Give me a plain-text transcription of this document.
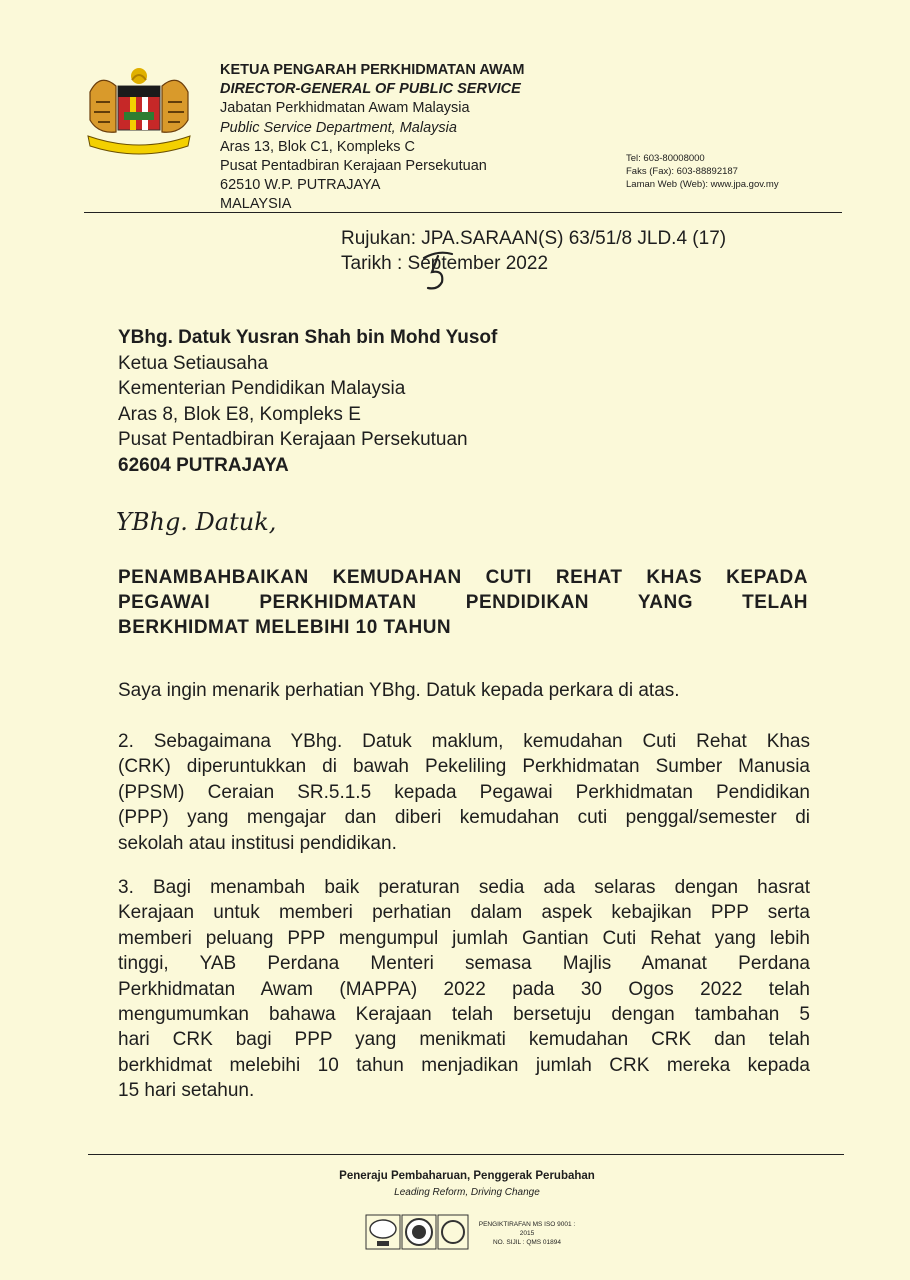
KETUA PENGARAH PERKHIDMATAN AWAM
DIRECTOR-GENERAL OF PUBLIC SERVICE
Jabatan Perkhidmatan Awam Malaysia
Public Service Department, Malaysia
Aras 13, Blok C1, Kompleks C
Pusat Pentadbiran Kerajaan Persekutuan
62510 W.P. PUTRAJAYA
MALAYSIA
Tel: 603-80008000
Faks (Fax): 603-88892187
Laman Web (Web): www.jpa.gov.my
Rujukan: JPA.SARAAN(S) 63/51/8 JLD.4 (17)
Tarikh : September 2022
YBhg. Datuk Yusran Shah bin Mohd Yusof
Ketua Setiausaha
Kementerian Pendidikan Malaysia
Aras 8, Blok E8, Kompleks E
Pusat Pentadbiran Kerajaan Persekutuan
62604 PUTRAJAYA
YBhg. Datuk,
PENAMBAHBAIKAN KEMUDAHAN CUTI REHAT KHAS KEPADA
PEGAWAI PERKHIDMATAN PENDIDIKAN YANG TELAH
BERKHIDMAT MELEBIHI 10 TAHUN
Saya ingin menarik perhatian YBhg. Datuk kepada perkara di atas.
2. Sebagaimana YBhg. Datuk maklum, kemudahan Cuti Rehat Khas
(CRK) diperuntukkan di bawah Pekeliling Perkhidmatan Sumber Manusia
(PPSM) Ceraian SR.5.1.5 kepada Pegawai Perkhidmatan Pendidikan
(PPP) yang mengajar dan diberi kemudahan cuti penggal/semester di
sekolah atau institusi pendidikan.
3. Bagi menambah baik peraturan sedia ada selaras dengan hasrat
Kerajaan untuk memberi perhatian dalam aspek kebajikan PPP serta
memberi peluang PPP mengumpul jumlah Gantian Cuti Rehat yang lebih
tinggi, YAB Perdana Menteri semasa Majlis Amanat Perdana
Perkhidmatan Awam (MAPPA) 2022 pada 30 Ogos 2022 telah
mengumumkan bahawa Kerajaan telah bersetuju dengan tambahan 5
hari CRK bagi PPP yang menikmati kemudahan CRK dan telah
berkhidmat melebihi 10 tahun menjadikan jumlah CRK mereka kepada
15 hari setahun.
Peneraju Pembaharuan, Penggerak Perubahan
Leading Reform, Driving Change
PENGIKTIRAFAN MS ISO 9001 : 2015
NO. SIJIL : QMS 01894
